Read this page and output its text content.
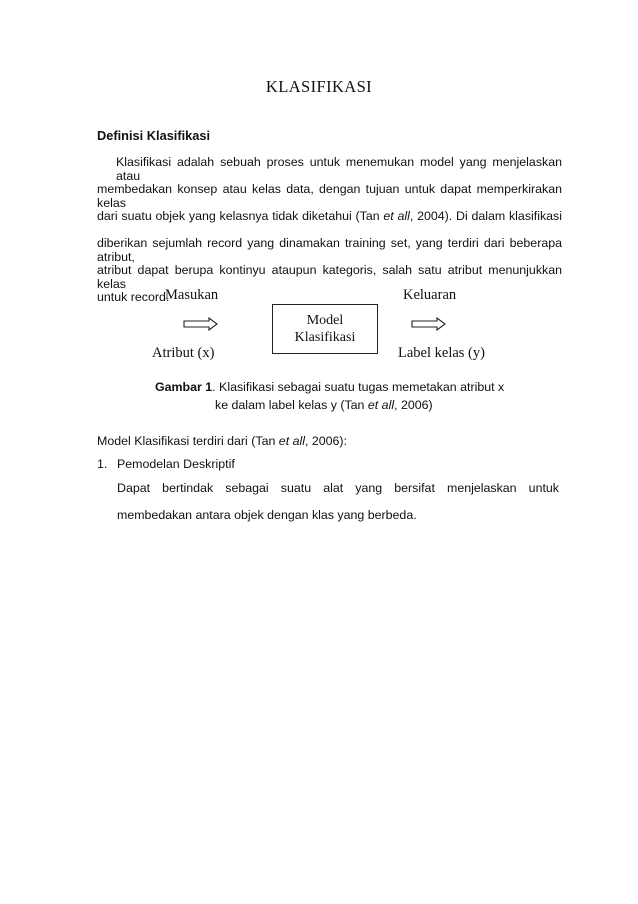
KLASIFIKASI
Definisi Klasifikasi
Klasifikasi adalah sebuah proses untuk menemukan model yang menjelaskan atau
membedakan konsep atau kelas data, dengan tujuan untuk dapat memperkirakan kelas
dari suatu objek yang kelasnya tidak diketahui (Tan et all, 2004). Di dalam klasifikasi
diberikan sejumlah record yang dinamakan training set, yang terdiri dari beberapa atribut,
atribut dapat berupa kontinyu ataupun kategoris, salah satu atribut menunjukkan kelas
untuk record.
Masukan
Atribut (x)
Model
Klasifikasi
Keluaran
Label kelas (y)
Gambar 1. Klasifikasi sebagai suatu tugas memetakan atribut x
ke dalam label kelas y (Tan et all, 2006)
Model Klasifikasi terdiri dari (Tan et all, 2006):
1. Pemodelan Deskriptif
Dapat bertindak sebagai suatu alat yang bersifat menjelaskan untuk
membedakan antara objek dengan klas yang berbeda.
